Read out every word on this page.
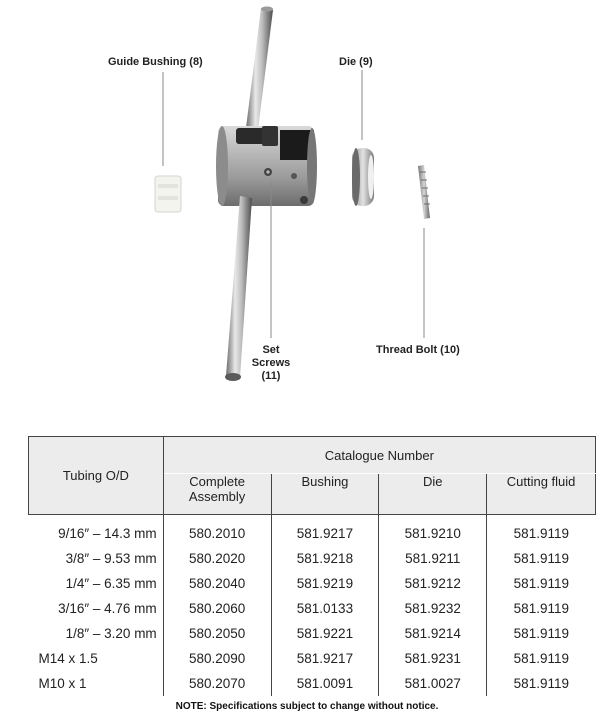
Guide Bushing (8)	Die (9)
Set
Screws
(11)
Thread Bolt (10)
Tubing O/D	Catalogue Number			
	Complete Assembly	Bushing	Die	Cutting fluid
9/16″ – 14.3 mm	580.2010	581.9217	581.9210	581.9119
3/8″ – 9.53 mm	580.2020	581.9218	581.9211	581.9119
1/4″ – 6.35 mm	580.2040	581.9219	581.9212	581.9119
3/16″ – 4.76 mm	580.2060	581.0133	581.9232	581.9119
1/8″ – 3.20 mm	580.2050	581.9221	581.9214	581.9119
M14 x 1.5	580.2090	581.9217	581.9231	581.9119
M10 x 1	580.2070	581.0091	581.0027	581.9119
NOTE: Specifications subject to change without notice.
